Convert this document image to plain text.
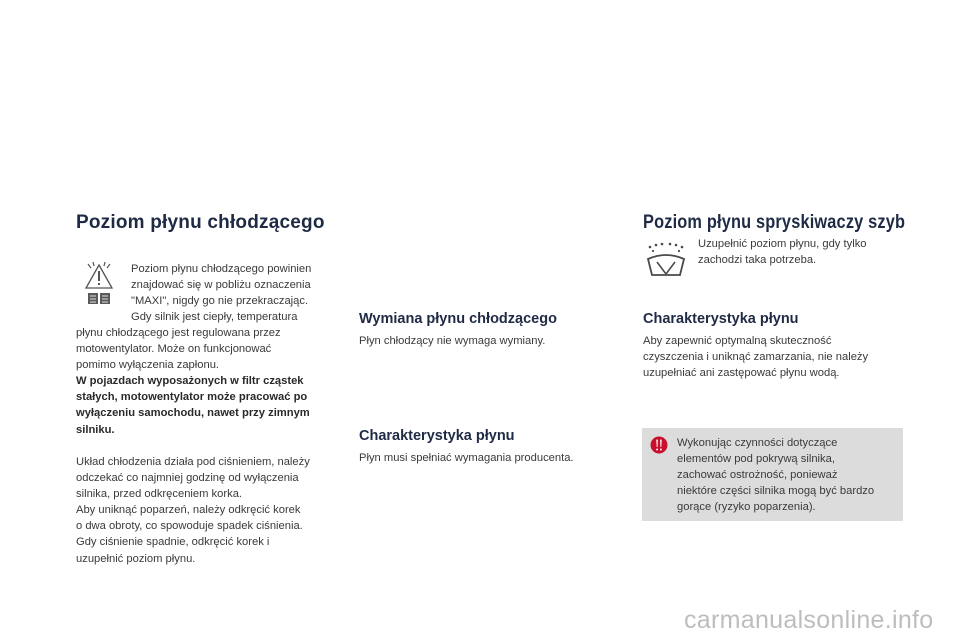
Poziom płynu chłodzącego
Poziom płynu chłodzącego powinien
znajdować się w pobliżu oznaczenia
"MAXI", nigdy go nie przekraczając.
Gdy silnik jest ciepły, temperatura
płynu chłodzącego jest regulowana przez
motowentylator. Może on funkcjonować
pomimo wyłączenia zapłonu.
W pojazdach wyposażonych w filtr cząstek
stałych, motowentylator może pracować po
wyłączeniu samochodu, nawet przy zimnym
silniku.
Układ chłodzenia działa pod ciśnieniem, należy
odczekać co najmniej godzinę od wyłączenia
silnika, przed odkręceniem korka.
Aby uniknąć poparzeń, należy odkręcić korek
o dwa obroty, co spowoduje spadek ciśnienia.
Gdy ciśnienie spadnie, odkręcić korek i
uzupełnić poziom płynu.
Wymiana płynu chłodzącego
Płyn chłodzący nie wymaga wymiany.
Charakterystyka płynu
Płyn musi spełniać wymagania producenta.
Poziom płynu spryskiwaczy szyb
Uzupełnić poziom płynu, gdy tylko
zachodzi taka potrzeba.
Charakterystyka płynu
Aby zapewnić optymalną skuteczność
czyszczenia i uniknąć zamarzania, nie należy
uzupełniać ani zastępować płynu wodą.
Wykonując czynności dotyczące
elementów pod pokrywą silnika,
zachować ostrożność, ponieważ
niektóre części silnika mogą być bardzo
gorące (ryzyko poparzenia).
carmanualsonline.info
